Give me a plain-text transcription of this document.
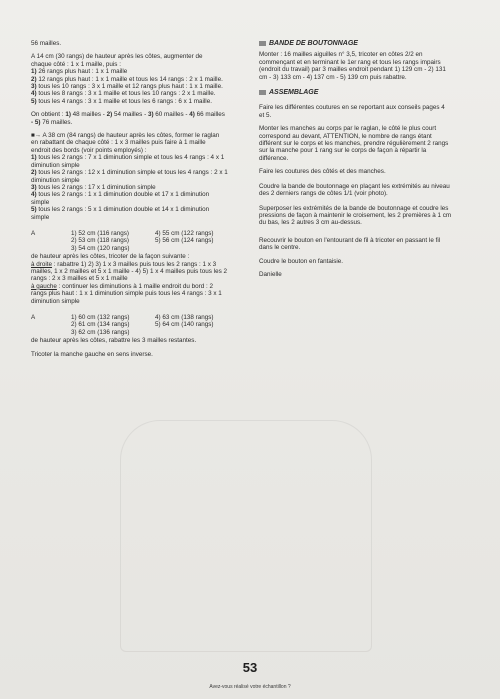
56 mailles.

A 14 cm (30 rangs) de hauteur après les côtes, augmenter de
chaque côté : 1 x 1 maille, puis :

1) 26 rangs plus haut : 1 x 1 maille
2) 12 rangs plus haut : 1 x 1 maille et tous les 14 rangs : 2 x 1 maille.
3) tous les 10 rangs : 3 x 1 maille et 12 rangs plus haut : 1 x 1 maille.
4) tous les 8 rangs : 3 x 1 maille et tous les 10 rangs : 2 x 1 maille.
5) tous les 4 rangs : 3 x 1 maille et tous les 6 rangs : 6 x 1 maille.

On obtient : 1) 48 mailles - 2) 54 mailles - 3) 60 mailles - 4) 66 mailles
- 5) 76 mailles.

■→ A 38 cm (84 rangs) de hauteur après les côtes, former le raglan
en rabattant de chaque côté : 1 x 3 mailles puis faire à 1 maille
endroit des bords (voir points employés) :

1) tous les 2 rangs : 7 x 1 diminution simple et tous les 4 rangs : 4 x 1
diminution simple
2) tous les 2 rangs : 12 x 1 diminution simple et tous les 4 rangs : 2 x 1
diminution simple
3) tous les 2 rangs : 17 x 1 diminution simple
4) tous les 2 rangs : 1 x 1 diminution double et 17 x 1 diminution
simple
5) tous les 2 rangs : 5 x 1 diminution double et 14 x 1 diminution
simple
A	1) 52 cm (116 rangs)	4) 55 cm (122 rangs)
2) 53 cm (118 rangs)	5) 56 cm (124 rangs)
3) 54 cm (120 rangs)
de hauteur après les côtes, tricoter de la façon suivante :
à droite : rabattre 1) 2) 3) 1 x 3 mailles puis tous les 2 rangs : 1 x 3
mailles, 1 x 2 mailles et 5 x 1 maille - 4) 5) 1 x 4 mailles puis tous les 2
rangs : 2 x 3 mailles et 5 x 1 maille
à gauche : continuer les diminutions à 1 maille endroit du bord : 2
rangs plus haut : 1 x 1 diminution simple puis tous les 4 rangs : 3 x 1
diminution simple
A	1) 60 cm (132 rangs)	4) 63 cm (138 rangs)
2) 61 cm (134 rangs)	5) 64 cm (140 rangs)
3) 62 cm (136 rangs)

de hauteur après les côtes, rabattre les 3 mailles restantes.

Tricoter la manche gauche en sens inverse.

BANDE DE BOUTONNAGE

Monter : 16 mailles aiguilles n° 3,5, tricoter en côtes 2/2 en
commençant et en terminant le 1er rang et tous les rangs impairs
(endroit du travail) par 3 mailles endroit pendant 1) 129 cm - 2) 131
cm - 3) 133 cm - 4) 137 cm - 5) 139 cm puis rabattre.

ASSEMBLAGE

Faire les différentes coutures en se reportant aux conseils pages 4
et 5.

Monter les manches au corps par le raglan, le côté le plus court
correspond au devant, ATTENTION, le nombre de rangs étant
différent sur le corps et les manches, prendre régulièrement 2 rangs
sur la manche pour 1 rang sur le corps de façon à répartir la
différence.

Faire les coutures des côtés et des manches.

Coudre la bande de boutonnage en plaçant les extrémités au niveau
des 2 derniers rangs de côtes 1/1 (voir photo).

Superposer les extrémités de la bande de boutonnage et coudre les
pressions de façon à maintenir le croisement, les 2 premières à 1 cm
du bas, les 2 autres 3 cm au-dessus.

Recouvrir le bouton en l'entourant de fil à tricoter en passant le fil
dans le centre.

Coudre le bouton en fantaisie.

Danielle

53
Avez-vous réalisé votre échantillon ?
